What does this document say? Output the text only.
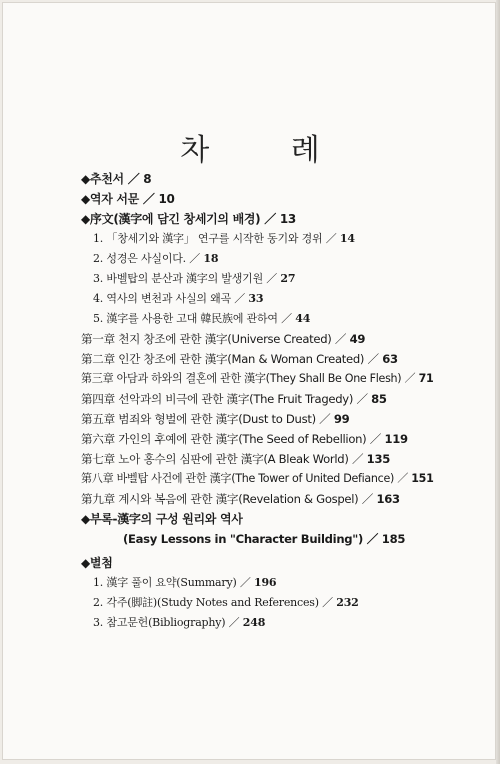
차 례
◆추천서 ／ 8
◆역자 서문 ／ 10
◆序文(漢字에 담긴 창세기의 배경) ／ 13
1. 「창세기와 漢字」 연구를 시작한 동기와 경위 ／ 14
2. 성경은 사실이다. ／ 18
3. 바벨탑의 분산과 漢字의 발생기원 ／ 27
4. 역사의 변천과 사실의 왜곡 ／ 33
5. 漢字를 사용한 고대 韓民族에 관하여 ／ 44
第一章 천지 창조에 관한 漢字(Universe Created) ／ 49
第二章 인간 창조에 관한 漢字(Man & Woman Created) ／ 63
第三章 아담과 하와의 결혼에 관한 漢字(They Shall Be One Flesh) ／ 71
第四章 선악과의 비극에 관한 漢字(The Fruit Tragedy) ／ 85
第五章 범죄와 형벌에 관한 漢字(Dust to Dust) ／ 99
第六章 가인의 후예에 관한 漢字(The Seed of Rebellion) ／ 119
第七章 노아 홍수의 심판에 관한 漢字(A Bleak World) ／ 135
第八章 바벨탑 사건에 관한 漢字(The Tower of United Defiance) ／ 151
第九章 계시와 복음에 관한 漢字(Revelation & Gospel) ／ 163
◆부록-漢字의 구성 원리와 역사
(Easy Lessons in "Character Building") ／ 185
◆별첨
1. 漢字 풀이 요약(Summary) ／ 196
2. 각주(脚註)(Study Notes and References) ／ 232
3. 참고문헌(Bibliography) ／ 248
